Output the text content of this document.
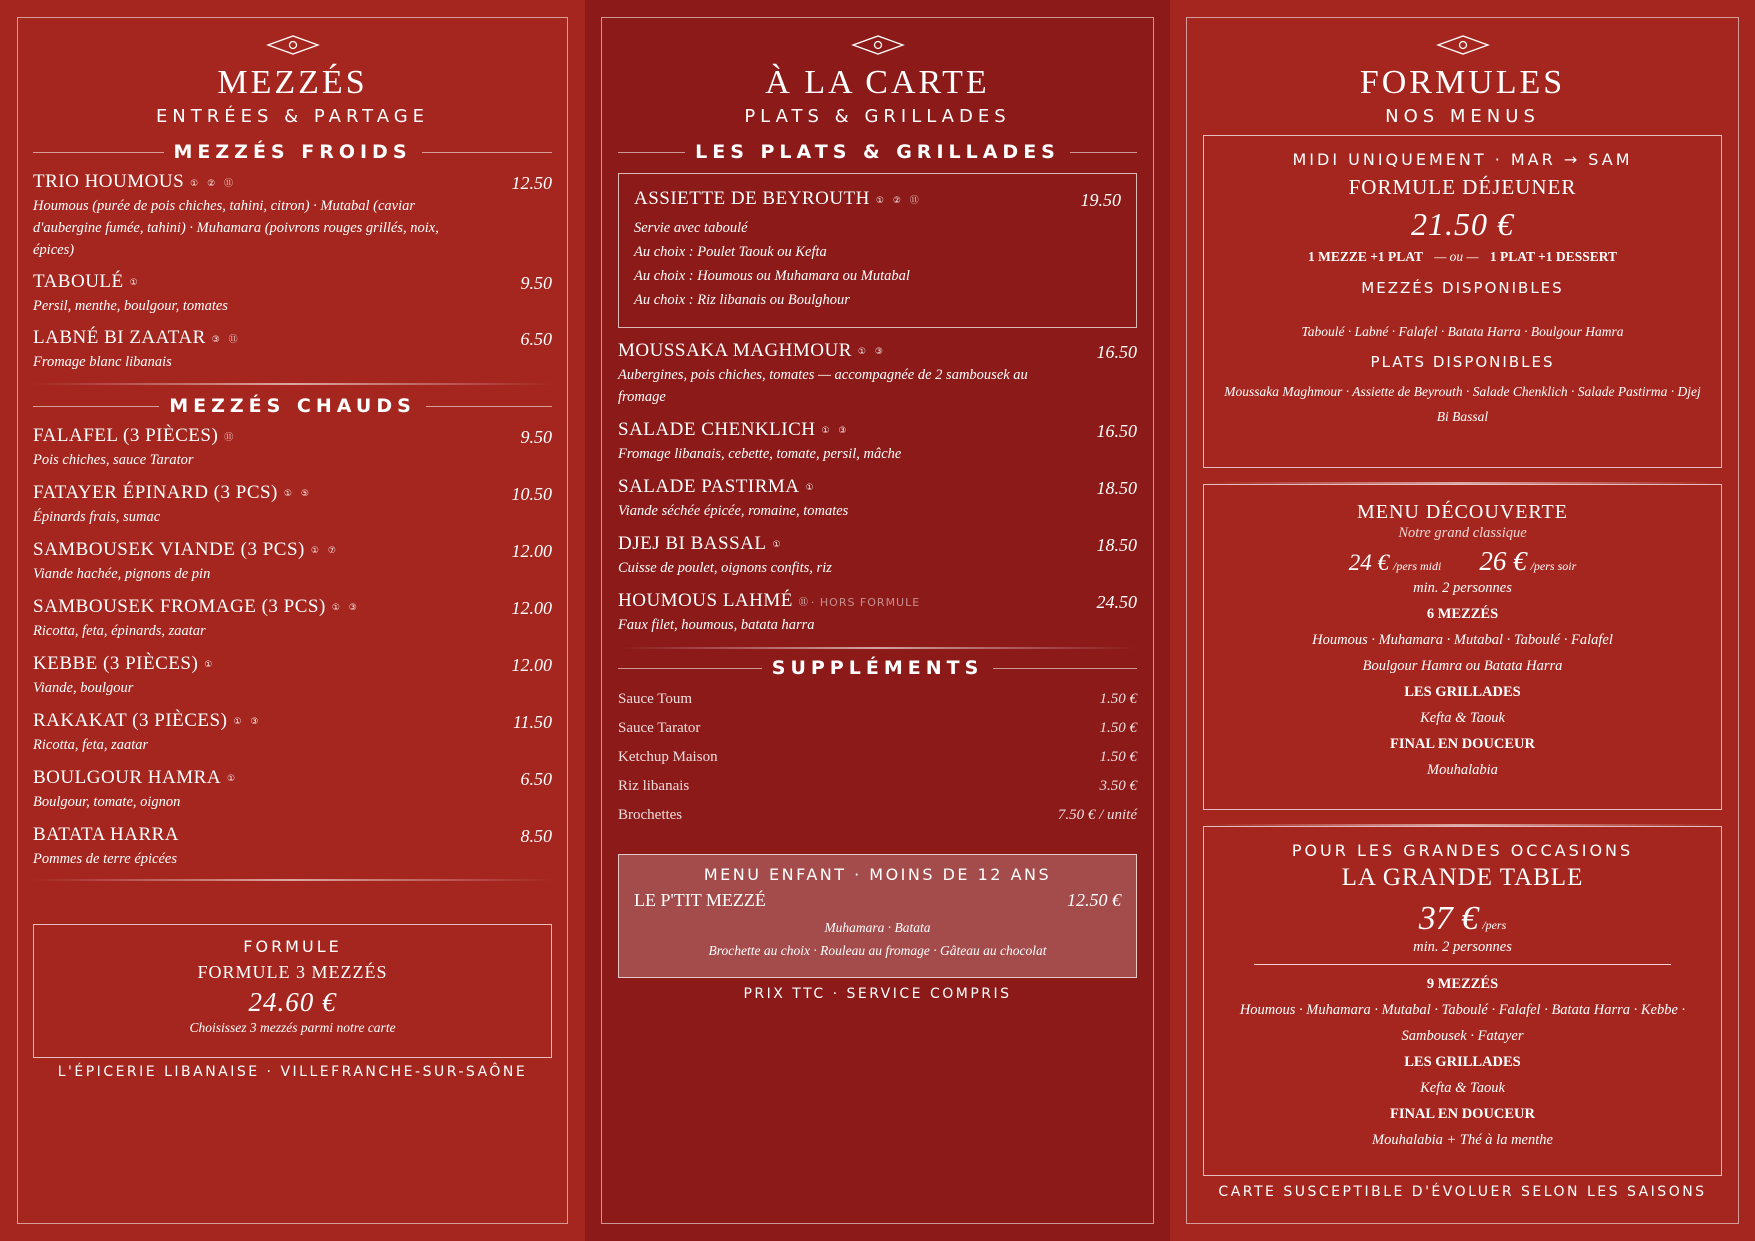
MEZZÉS
ENTRÉES & PARTAGE
MEZZÉS FROIDS
TRIO HOUMOUS ① ② ⑪	12.50
Houmous (purée de pois chiches, tahini, citron) · Mutabal (caviar d'aubergine fumée, tahini) · Muhamara (poivrons rouges grillés, noix, épices)
TABOULÉ ①	9.50
Persil, menthe, boulgour, tomates
LABNÉ BI ZAATAR ③ ⑪	6.50
Fromage blanc libanais
MEZZÉS CHAUDS
FALAFEL (3 PIÈCES) ⑪	9.50
Pois chiches, sauce Tarator
FATAYER ÉPINARD (3 PCS) ① ⑤	10.50
Épinards frais, sumac
SAMBOUSEK VIANDE (3 PCS) ① ⑦	12.00
Viande hachée, pignons de pin
SAMBOUSEK FROMAGE (3 PCS) ① ③	12.00
Ricotta, feta, épinards, zaatar
KEBBE (3 PIÈCES) ①	12.00
Viande, boulgour
RAKAKAT (3 PIÈCES) ① ③	11.50
Ricotta, feta, zaatar
BOULGOUR HAMRA ①	6.50
Boulgour, tomate, oignon
BATATA HARRA	8.50
Pommes de terre épicées
FORMULE
FORMULE 3 MEZZÉS
24.60 €
Choisissez 3 mezzés parmi notre carte
L'ÉPICERIE LIBANAISE · VILLEFRANCHE-SUR-SAÔNE
À LA CARTE
PLATS & GRILLADES
LES PLATS & GRILLADES
ASSIETTE DE BEYROUTH ① ② ⑪	19.50
Servie avec taboulé
Au choix : Poulet Taouk ou Kefta
Au choix : Houmous ou Muhamara ou Mutabal
Au choix : Riz libanais ou Boulghour
MOUSSAKA MAGHMOUR ① ③	16.50
Aubergines, pois chiches, tomates — accompagnée de 2 sambousek au fromage
SALADE CHENKLICH ① ③	16.50
Fromage libanais, cebette, tomate, persil, mâche
SALADE PASTIRMA ①	18.50
Viande séchée épicée, romaine, tomates
DJEJ BI BASSAL ①	18.50
Cuisse de poulet, oignons confits, riz
HOUMOUS LAHMÉ ⑪· HORS FORMULE	24.50
Faux filet, houmous, batata harra
SUPPLÉMENTS
Sauce Toum	1.50 €
Sauce Tarator	1.50 €
Ketchup Maison	1.50 €
Riz libanais	3.50 €
Brochettes	7.50 € / unité
MENU ENFANT · MOINS DE 12 ANS
LE P'TIT MEZZÉ	12.50 €
Muhamara · Batata
Brochette au choix · Rouleau au fromage · Gâteau au chocolat
PRIX TTC · SERVICE COMPRIS
FORMULES
NOS MENUS
MIDI UNIQUEMENT · MAR → SAM
FORMULE DÉJEUNER
21.50 €
1 MEZZE +1 PLAT — ou — 1 PLAT +1 DESSERT
MEZZÉS DISPONIBLES
Taboulé · Labné · Falafel · Batata Harra · Boulgour Hamra
PLATS DISPONIBLES
Moussaka Maghmour · Assiette de Beyrouth · Salade Chenklich · Salade Pastirma · Djej Bi Bassal
MENU DÉCOUVERTE
Notre grand classique
24 € /pers midi 26 € /pers soir
min. 2 personnes
6 MEZZÉS
Houmous · Muhamara · Mutabal · Taboulé · Falafel
Boulgour Hamra ou Batata Harra
LES GRILLADES
Kefta & Taouk
FINAL EN DOUCEUR
Mouhalabia
POUR LES GRANDES OCCASIONS
LA GRANDE TABLE
37 € /pers
min. 2 personnes
9 MEZZÉS
Houmous · Muhamara · Mutabal · Taboulé · Falafel · Batata Harra · Kebbe · Sambousek · Fatayer
LES GRILLADES
Kefta & Taouk
FINAL EN DOUCEUR
Mouhalabia + Thé à la menthe
CARTE SUSCEPTIBLE D'ÉVOLUER SELON LES SAISONS
